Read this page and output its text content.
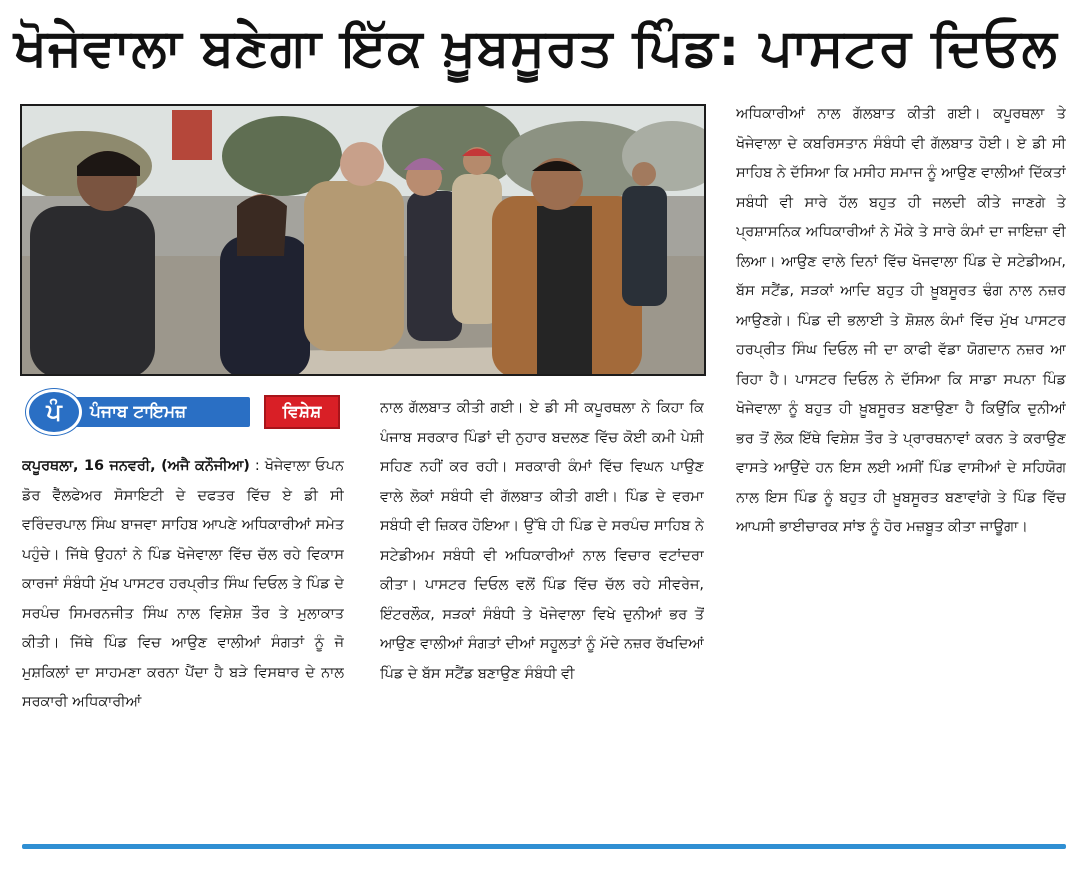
ਖੋਜੇਵਾਲਾ ਬਣੇਗਾ ਇੱਕ ਖ਼ੂਬਸੂਰਤ ਪਿੰਡ: ਪਾਸਟਰ ਦਿਓਲ
ਪੰ	ਪੰਜਾਬ ਟਾਇਮਜ਼	ਵਿਸ਼ੇਸ਼
ਕਪੂਰਥਲਾ, 16 ਜਨਵਰੀ, (ਅਜੈ ਕਨੌਜੀਆ) : ਖੋਜੇਵਾਲਾ ਓਪਨ ਡੋਰ ਵੈੱਲਫੇਅਰ ਸੋਸਾਇਟੀ ਦੇ ਦਫਤਰ ਵਿੱਚ ਏ ਡੀ ਸੀ ਵਰਿੰਦਰਪਾਲ ਸਿੰਘ ਬਾਜਵਾ ਸਾਹਿਬ ਆਪਣੇ ਅਧਿਕਾਰੀਆਂ ਸਮੇਤ ਪਹੁੰਚੇ। ਜਿੱਥੇ ਉਹਨਾਂ ਨੇ ਪਿੰਡ ਖੋਜੇਵਾਲਾ ਵਿੱਚ ਚੱਲ ਰਹੇ ਵਿਕਾਸ ਕਾਰਜਾਂ ਸੰਬੰਧੀ ਮੁੱਖ ਪਾਸਟਰ ਹਰਪ੍ਰੀਤ ਸਿੰਘ ਦਿਓਲ ਤੇ ਪਿੰਡ ਦੇ ਸਰਪੰਚ ਸਿਮਰਨਜੀਤ ਸਿੰਘ ਨਾਲ ਵਿਸ਼ੇਸ਼ ਤੌਰ ਤੇ ਮੁਲਾਕਾਤ ਕੀਤੀ। ਜਿੱਥੇ ਪਿੰਡ ਵਿਚ ਆਉਣ ਵਾਲੀਆਂ ਸੰਗਤਾਂ ਨੂੰ ਜੋ ਮੁਸ਼ਕਿਲਾਂ ਦਾ ਸਾਹਮਣਾ ਕਰਨਾ ਪੈਂਦਾ ਹੈ ਬੜੇ ਵਿਸਥਾਰ ਦੇ ਨਾਲ ਸਰਕਾਰੀ ਅਧਿਕਾਰੀਆਂ
ਨਾਲ ਗੱਲਬਾਤ ਕੀਤੀ ਗਈ। ਏ ਡੀ ਸੀ ਕਪੂਰਥਲਾ ਨੇ ਕਿਹਾ ਕਿ ਪੰਜਾਬ ਸਰਕਾਰ ਪਿੰਡਾਂ ਦੀ ਨੁਹਾਰ ਬਦਲਣ ਵਿੱਚ ਕੋਈ ਕਮੀ ਪੇਸ਼ੀ ਸਹਿਣ ਨਹੀਂ ਕਰ ਰਹੀ। ਸਰਕਾਰੀ ਕੰਮਾਂ ਵਿੱਚ ਵਿਘਨ ਪਾਉਣ ਵਾਲੇ ਲੋਕਾਂ ਸਬੰਧੀ ਵੀ ਗੱਲਬਾਤ ਕੀਤੀ ਗਈ। ਪਿੰਡ ਦੇ ਵਰਮਾ ਸਬੰਧੀ ਵੀ ਜ਼ਿਕਰ ਹੋਇਆ। ਉੱਥੇ ਹੀ ਪਿੰਡ ਦੇ ਸਰਪੰਚ ਸਾਹਿਬ ਨੇ ਸਟੇਡੀਅਮ ਸਬੰਧੀ ਵੀ ਅਧਿਕਾਰੀਆਂ ਨਾਲ ਵਿਚਾਰ ਵਟਾਂਦਰਾ ਕੀਤਾ। ਪਾਸਟਰ ਦਿਓਲ ਵਲੋਂ ਪਿੰਡ ਵਿੱਚ ਚੱਲ ਰਹੇ ਸੀਵਰੇਜ, ਇੰਟਰਲੌਕ, ਸੜਕਾਂ ਸੰਬੰਧੀ ਤੇ ਖੋਜੇਵਾਲਾ ਵਿਖੇ ਦੁਨੀਆਂ ਭਰ ਤੋਂ ਆਉਣ ਵਾਲੀਆਂ ਸੰਗਤਾਂ ਦੀਆਂ ਸਹੂਲਤਾਂ ਨੂੰ ਮੱਦੇ ਨਜ਼ਰ ਰੱਖਦਿਆਂ ਪਿੰਡ ਦੇ ਬੱਸ ਸਟੈਂਡ ਬਣਾਉਣ ਸੰਬੰਧੀ ਵੀ
ਅਧਿਕਾਰੀਆਂ ਨਾਲ ਗੱਲਬਾਤ ਕੀਤੀ ਗਈ। ਕਪੂਰਥਲਾ ਤੇ ਖੋਜੇਵਾਲਾ ਦੇ ਕਬਰਿਸਤਾਨ ਸੰਬੰਧੀ ਵੀ ਗੱਲਬਾਤ ਹੋਈ। ਏ ਡੀ ਸੀ ਸਾਹਿਬ ਨੇ ਦੱਸਿਆ ਕਿ ਮਸੀਹ ਸਮਾਜ ਨੂੰ ਆਉਣ ਵਾਲੀਆਂ ਦਿੱਕਤਾਂ ਸਬੰਧੀ ਵੀ ਸਾਰੇ ਹੱਲ ਬਹੁਤ ਹੀ ਜਲਦੀ ਕੀਤੇ ਜਾਣਗੇ ਤੇ ਪ੍ਰਸ਼ਾਸਨਿਕ ਅਧਿਕਾਰੀਆਂ ਨੇ ਮੌਕੇ ਤੇ ਸਾਰੇ ਕੰਮਾਂ ਦਾ ਜਾਇਜ਼ਾ ਵੀ ਲਿਆ। ਆਉਣ ਵਾਲੇ ਦਿਨਾਂ ਵਿੱਚ ਖੋਜਵਾਲਾ ਪਿੰਡ ਦੇ ਸਟੇਡੀਅਮ, ਬੱਸ ਸਟੈਂਡ, ਸੜਕਾਂ ਆਦਿ ਬਹੁਤ ਹੀ ਖ਼ੂਬਸੂਰਤ ਢੰਗ ਨਾਲ ਨਜ਼ਰ ਆਉਣਗੇ। ਪਿੰਡ ਦੀ ਭਲਾਈ ਤੇ ਸ਼ੋਸ਼ਲ ਕੰਮਾਂ ਵਿੱਚ ਮੁੱਖ ਪਾਸਟਰ ਹਰਪ੍ਰੀਤ ਸਿੰਘ ਦਿਓਲ ਜੀ ਦਾ ਕਾਫੀ ਵੱਡਾ ਯੋਗਦਾਨ ਨਜ਼ਰ ਆ ਰਿਹਾ ਹੈ। ਪਾਸਟਰ ਦਿਓਲ ਨੇ ਦੱਸਿਆ ਕਿ ਸਾਡਾ ਸਪਨਾ ਪਿੰਡ ਖੋਜੇਵਾਲਾ ਨੂੰ ਬਹੁਤ ਹੀ ਖ਼ੂਬਸੂਰਤ ਬਣਾਉਣਾ ਹੈ ਕਿਉਂਕਿ ਦੁਨੀਆਂ ਭਰ ਤੋਂ ਲੋਕ ਇੱਥੇ ਵਿਸ਼ੇਸ਼ ਤੌਰ ਤੇ ਪ੍ਰਾਰਥਨਾਵਾਂ ਕਰਨ ਤੇ ਕਰਾਉਣ ਵਾਸਤੇ ਆਉਂਦੇ ਹਨ ਇਸ ਲਈ ਅਸੀਂ ਪਿੰਡ ਵਾਸੀਆਂ ਦੇ ਸਹਿਯੋਗ ਨਾਲ ਇਸ ਪਿੰਡ ਨੂੰ ਬਹੁਤ ਹੀ ਖ਼ੂਬਸੂਰਤ ਬਣਾਵਾਂਗੇ ਤੇ ਪਿੰਡ ਵਿੱਚ ਆਪਸੀ ਭਾਈਚਾਰਕ ਸਾਂਝ ਨੂੰ ਹੋਰ ਮਜ਼ਬੂਤ ਕੀਤਾ ਜਾਊਗਾ।
